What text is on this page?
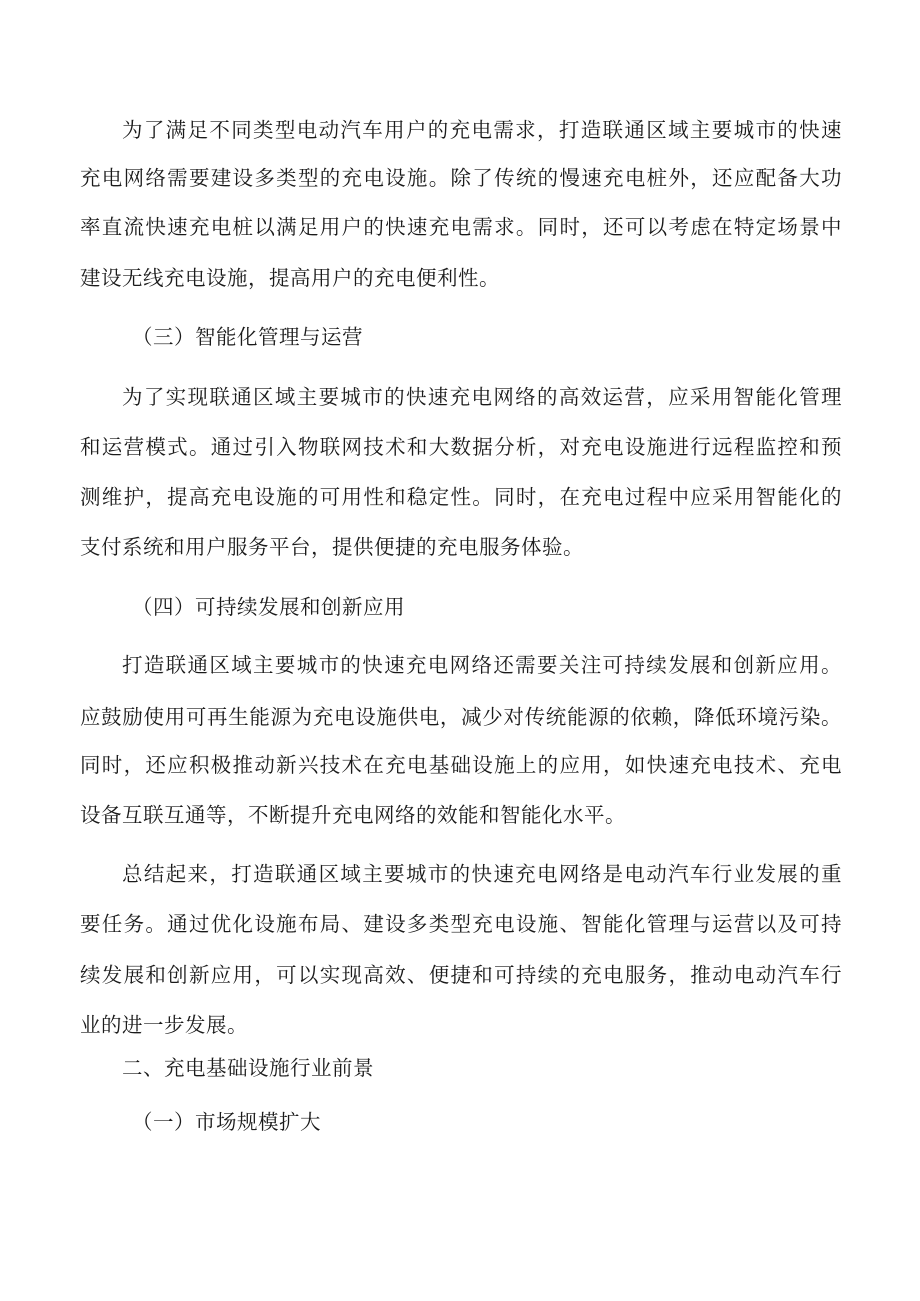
为了满足不同类型电动汽车用户的充电需求，打造联通区域主要城市的快速
充电网络需要建设多类型的充电设施。除了传统的慢速充电桩外，还应配备大功
率直流快速充电桩以满足用户的快速充电需求。同时，还可以考虑在特定场景中
建设无线充电设施，提高用户的充电便利性。
（三）智能化管理与运营
为了实现联通区域主要城市的快速充电网络的高效运营，应采用智能化管理
和运营模式。通过引入物联网技术和大数据分析，对充电设施进行远程监控和预
测维护，提高充电设施的可用性和稳定性。同时，在充电过程中应采用智能化的
支付系统和用户服务平台，提供便捷的充电服务体验。
（四）可持续发展和创新应用
打造联通区域主要城市的快速充电网络还需要关注可持续发展和创新应用。
应鼓励使用可再生能源为充电设施供电，减少对传统能源的依赖，降低环境污染。
同时，还应积极推动新兴技术在充电基础设施上的应用，如快速充电技术、充电
设备互联互通等，不断提升充电网络的效能和智能化水平。
总结起来，打造联通区域主要城市的快速充电网络是电动汽车行业发展的重
要任务。通过优化设施布局、建设多类型充电设施、智能化管理与运营以及可持
续发展和创新应用，可以实现高效、便捷和可持续的充电服务，推动电动汽车行
业的进一步发展。
二、充电基础设施行业前景
（一）市场规模扩大
